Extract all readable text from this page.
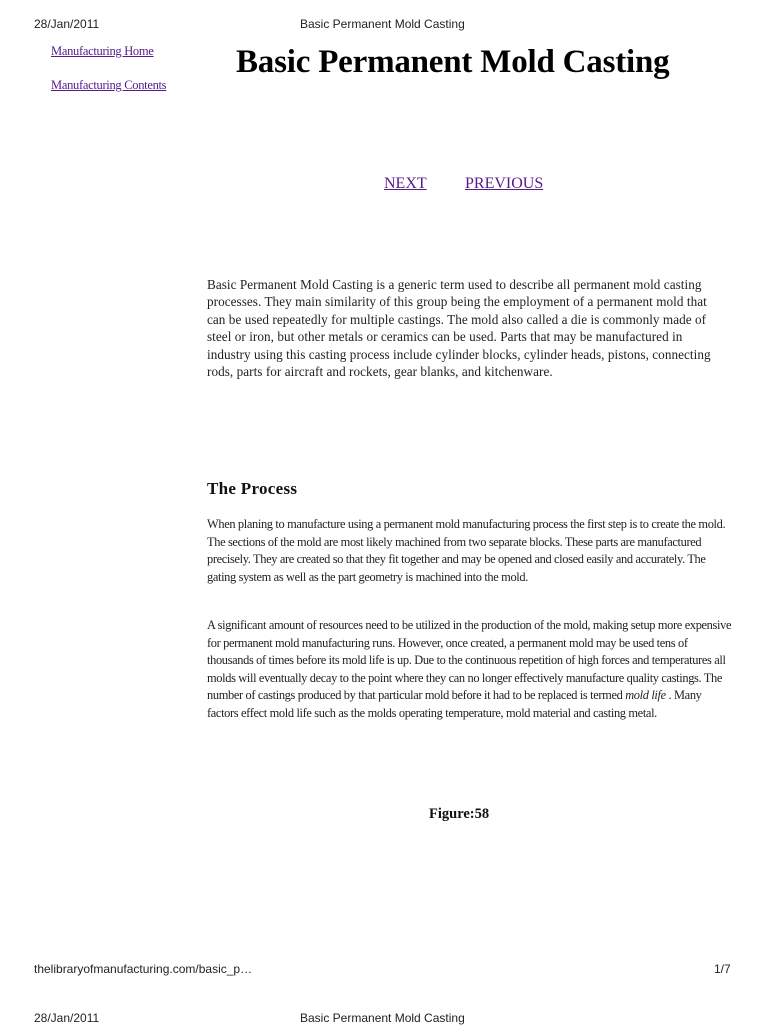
28/Jan/2011	Basic Permanent Mold Casting
Manufacturing Home
Manufacturing Contents
Basic Permanent Mold Casting
NEXT PREVIOUS

Basic Permanent Mold Casting is a generic term used to describe all permanent mold casting processes. They main similarity of this group being the employment of a permanent mold that can be used repeatedly for multiple castings. The mold also called a die is commonly made of steel or iron, but other metals or ceramics can be used. Parts that may be manufactured in industry using this casting process include cylinder blocks, cylinder heads, pistons, connecting rods, parts for aircraft and rockets, gear blanks, and kitchenware.

The Process

When planing to manufacture using a permanent mold manufacturing process the first step is to create the mold. The sections of the mold are most likely machined from two separate blocks. These parts are manufactured precisely. They are created so that they fit together and may be opened and closed easily and accurately. The gating system as well as the part geometry is machined into the mold.

A significant amount of resources need to be utilized in the production of the mold, making setup more expensive for permanent mold manufacturing runs. However, once created, a permanent mold may be used tens of thousands of times before its mold life is up. Due to the continuous repetition of high forces and temperatures all molds will eventually decay to the point where they can no longer effectively manufacture quality castings. The number of castings produced by that particular mold before it had to be replaced is termed mold life . Many factors effect mold life such as the molds operating temperature, mold material and casting metal.

Figure:58

thelibraryofmanufacturing.com/basic_p…	1/7
28/Jan/2011	Basic Permanent Mold Casting
